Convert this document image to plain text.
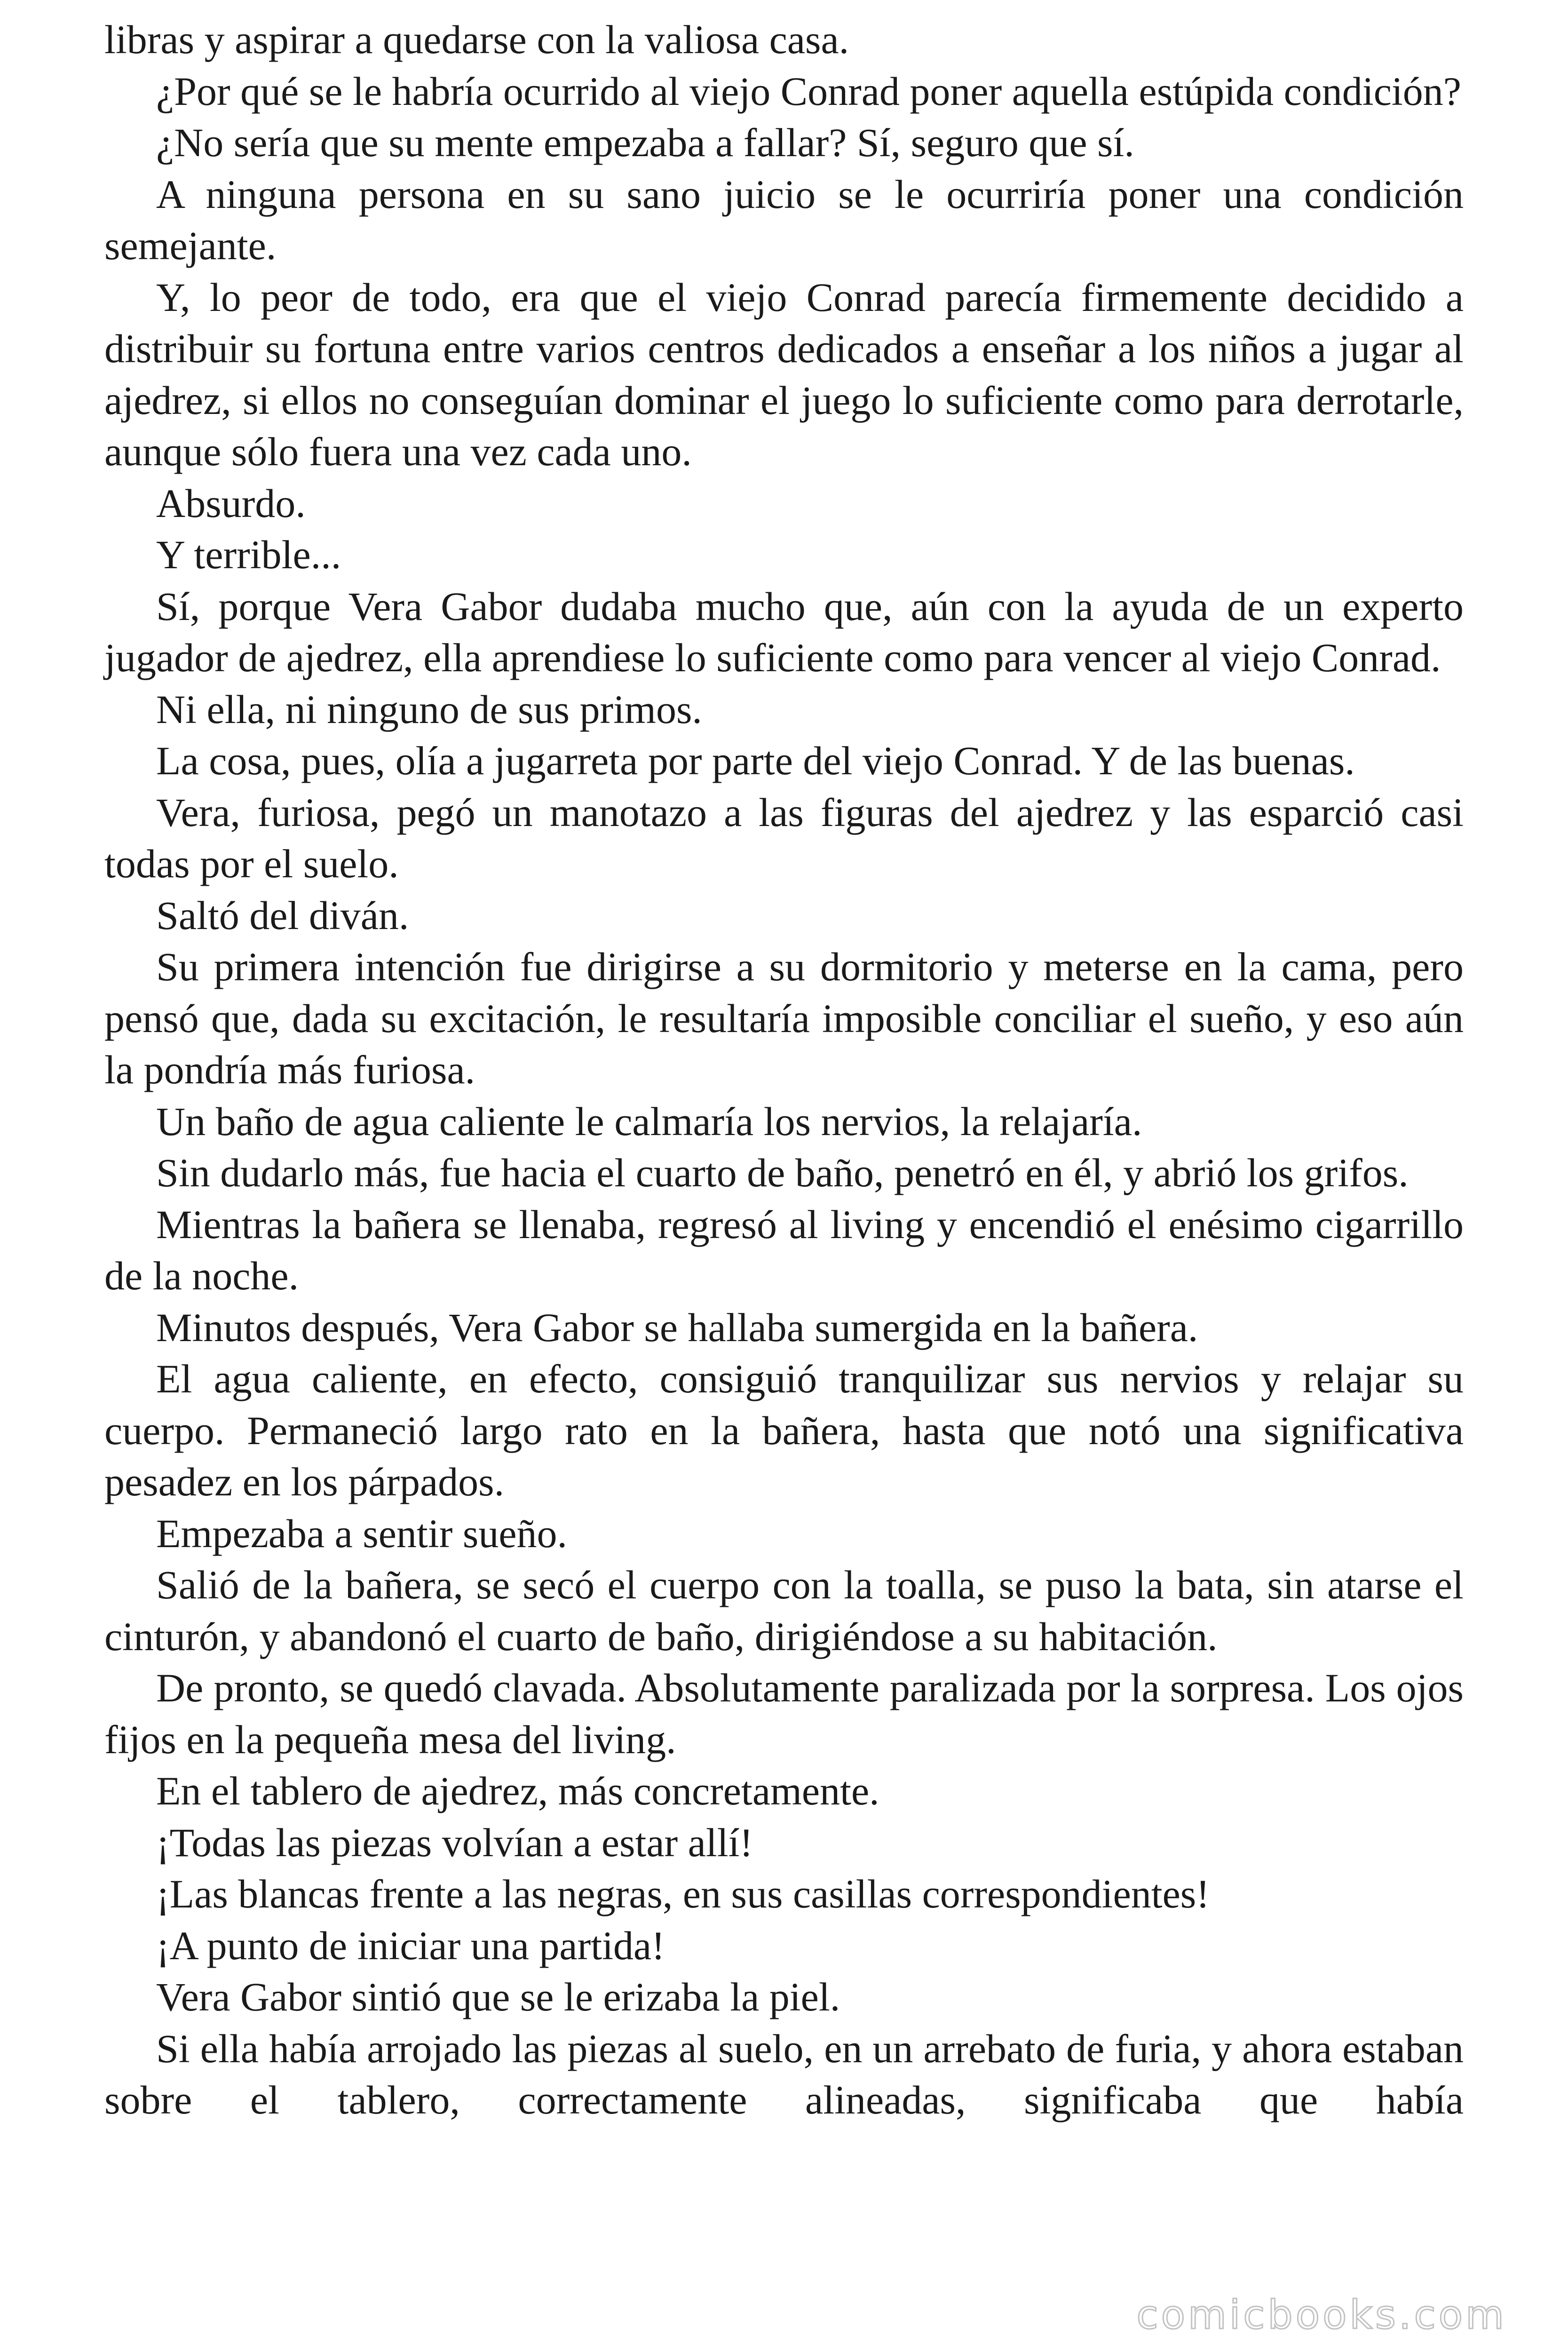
libras y aspirar a quedarse con la valiosa casa.

¿Por qué se le habría ocurrido al viejo Conrad poner aquella estúpida condición?

¿No sería que su mente empezaba a fallar? Sí, seguro que sí.

A ninguna persona en su sano juicio se le ocurriría poner una condición semejante.

Y, lo peor de todo, era que el viejo Conrad parecía firmemente decidido a distribuir su fortuna entre varios centros dedicados a enseñar a los niños a jugar al ajedrez, si ellos no conseguían dominar el juego lo suficiente como para derrotarle, aunque sólo fuera una vez cada uno.

Absurdo.

Y terrible...

Sí, porque Vera Gabor dudaba mucho que, aún con la ayuda de un experto jugador de ajedrez, ella aprendiese lo suficiente como para vencer al viejo Conrad.

Ni ella, ni ninguno de sus primos.

La cosa, pues, olía a jugarreta por parte del viejo Conrad. Y de las buenas.

Vera, furiosa, pegó un manotazo a las figuras del ajedrez y las esparció casi todas por el suelo.

Saltó del diván.

Su primera intención fue dirigirse a su dormitorio y meterse en la cama, pero pensó que, dada su excitación, le resultaría imposible conciliar el sueño, y eso aún la pondría más furiosa.

Un baño de agua caliente le calmaría los nervios, la relajaría.

Sin dudarlo más, fue hacia el cuarto de baño, penetró en él, y abrió los grifos.

Mientras la bañera se llenaba, regresó al living y encendió el enésimo cigarrillo de la noche.

Minutos después, Vera Gabor se hallaba sumergida en la bañera.

El agua caliente, en efecto, consiguió tranquilizar sus nervios y relajar su cuerpo. Permaneció largo rato en la bañera, hasta que notó una significativa pesadez en los párpados.

Empezaba a sentir sueño.

Salió de la bañera, se secó el cuerpo con la toalla, se puso la bata, sin atarse el cinturón, y abandonó el cuarto de baño, dirigiéndose a su habitación.

De pronto, se quedó clavada. Absolutamente paralizada por la sorpresa. Los ojos fijos en la pequeña mesa del living.

En el tablero de ajedrez, más concretamente.

¡Todas las piezas volvían a estar allí!

¡Las blancas frente a las negras, en sus casillas correspondientes!

¡A punto de iniciar una partida!

Vera Gabor sintió que se le erizaba la piel.

Si ella había arrojado las piezas al suelo, en un arrebato de furia, y ahora estaban sobre el tablero, correctamente alineadas, significaba que había

comicbooks.com
